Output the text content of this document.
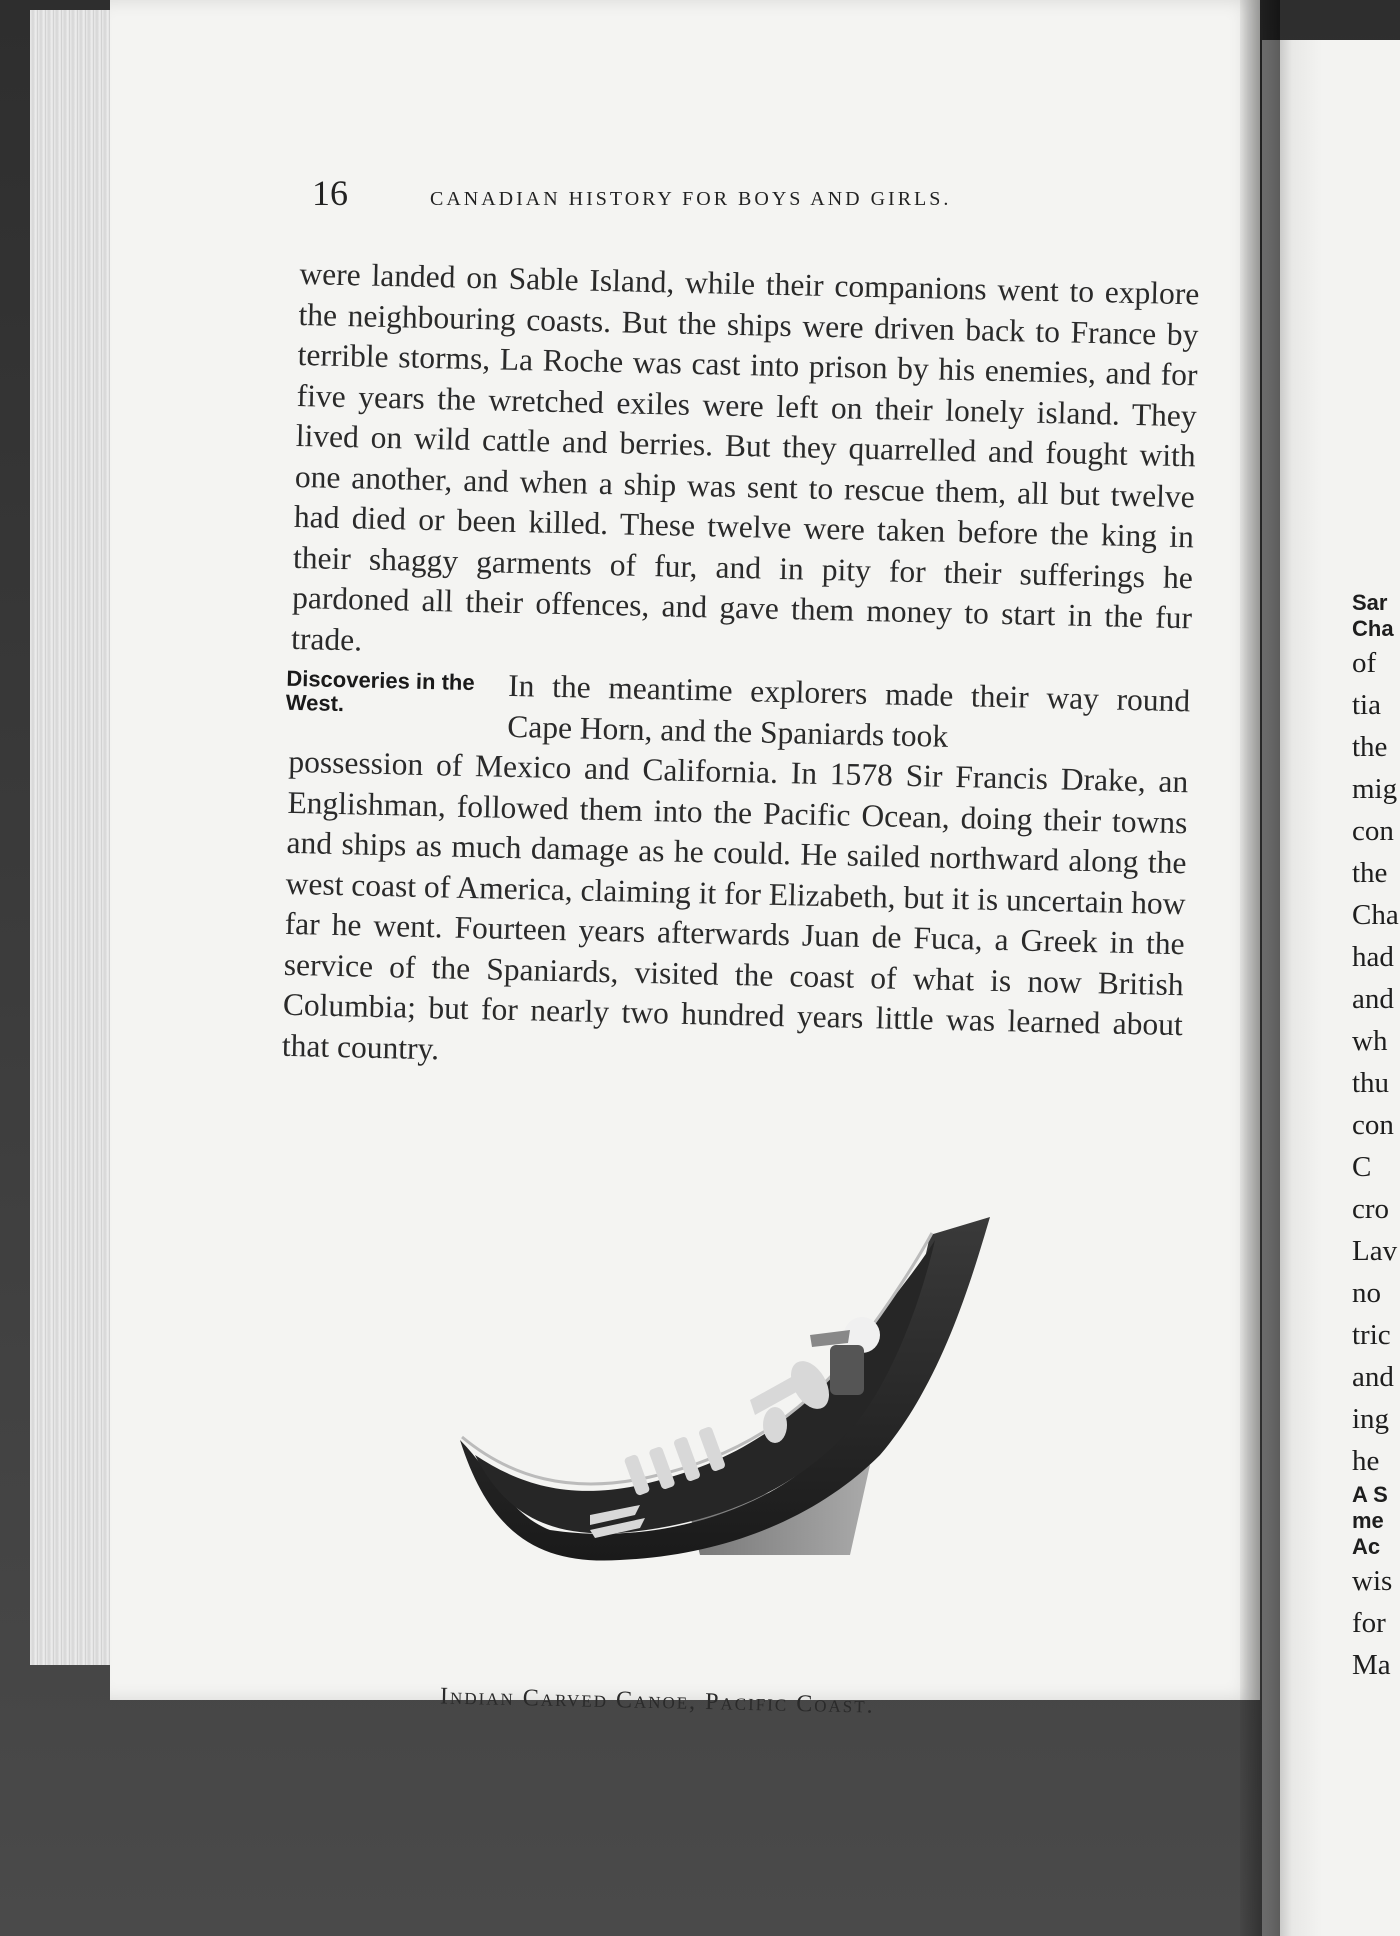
16	CANADIAN HISTORY FOR BOYS AND GIRLS.

were landed on Sable Island, while their companions went to explore the neighbouring coasts. But the ships were driven back to France by terrible storms, La Roche was cast into prison by his enemies, and for five years the wretched exiles were left on their lonely island. They lived on wild cattle and berries. But they quarrelled and fought with one another, and when a ship was sent to rescue them, all but twelve had died or been killed. These twelve were taken before the king in their shaggy garments of fur, and in pity for their sufferings he pardoned all their offences, and gave them money to start in the fur trade.

Discoveries in the West.	In the meantime explorers made their way round Cape Horn, and the Spaniards took
possession of Mexico and California. In 1578 Sir Francis Drake, an Englishman, followed them into the Pacific Ocean, doing their towns and ships as much damage as he could. He sailed northward along the west coast of America, claiming it for Elizabeth, but it is uncertain how far he went. Fourteen years afterwards Juan de Fuca, a Greek in the service of the Spaniards, visited the coast of what is now British Columbia; but for nearly two hundred years little was learned about that country.

Indian Carved Canoe, Pacific Coast.
Sar
Cha
of
tia
the
mig
con
the
Cha
had
and
wh
thu
con
C
cro
Lav
no
tric
and
ing
he
A S
me
Ac
wis
for
Ma
